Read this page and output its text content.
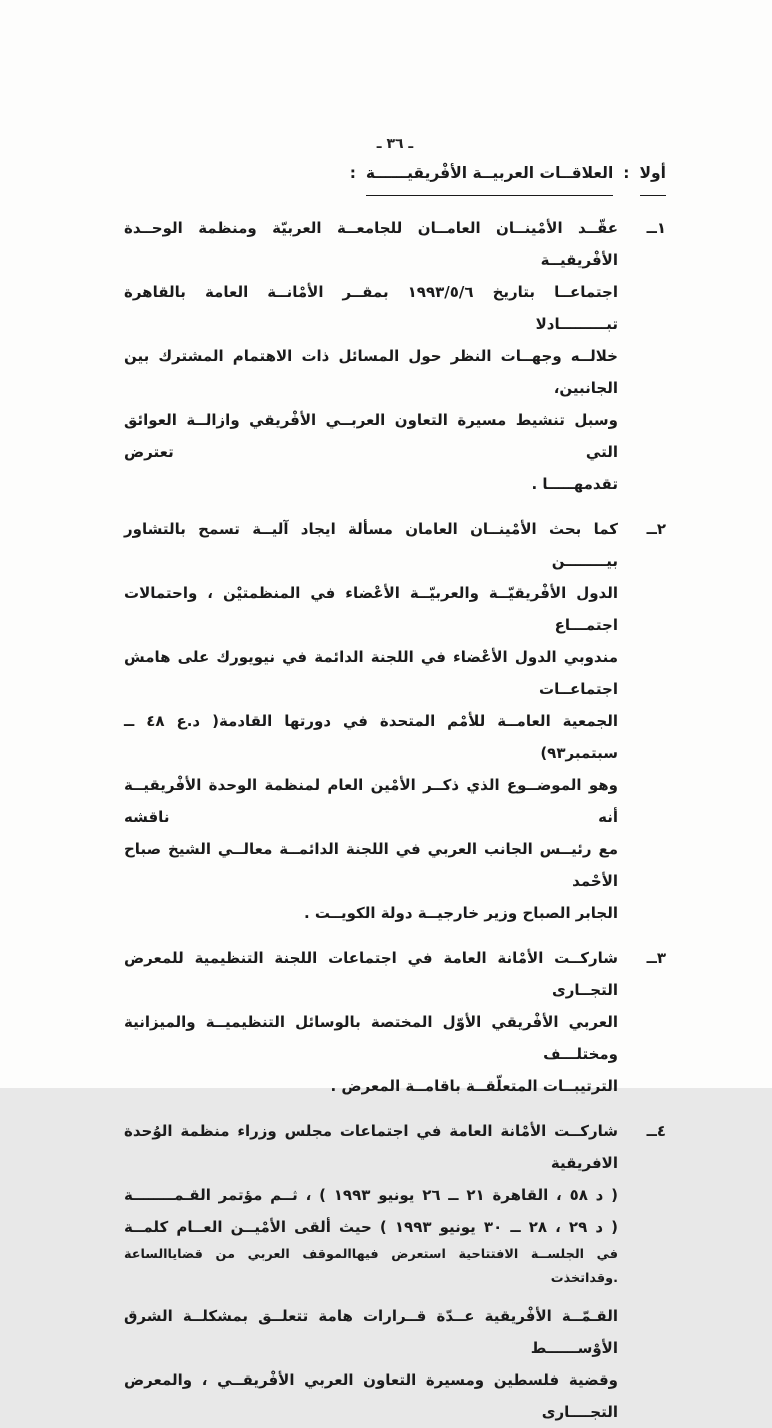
ـ ٣٦ ـ
أولا
:
العلاقــات العربيــة الأفْريقيــــــة
:
١ــ
عقّــد الأمْينــان العامــان للجامعــة العربيّة ومنظمة الوحــدة الأفْريقيــة
اجتماعــا بتاريخ ١٩٩٣/٥/٦ بمقــر الأمْانــة العامة بالقاهرة تبـــــــــادلا
خلالــه وجهــات النظر حول المسائل ذات الاهتمام المشترك بين الجانبين،
وسبل تنشيط مسيرة التعاون العربــي الأفْريقي وازالــة العوائق التي تعترض
تقدمهـــــا .
٢ــ
كما بحث الأمْينــان العامان مسألة ايجاد آليــة تسمح بالتشاور بيــــــــن
الدول الأفْريقيّــة والعربيّــة الأعْضاء في المنظمتيْن ، واحتمالات اجتمـــاع
مندوبي الدول الأعْضاء في اللجنة الدائمة في نيويورك على هامش اجتماعــات
الجمعية العامــة للأمْم المتحدة في دورتها القادمة( د.ع ٤٨ ــ سبتمبر٩٣)
وهو الموضــوع الذي ذكــر الأمْين العام لمنظمة الوحدة الأفْريقيــة أنه ناقشه
مع رئيــس الجانب العربي في اللجنة الدائمــة معالــي الشيخ صباح الأحْمد
الجابر الصباح وزير خارجيــة دولة الكويــت .
٣ــ
شاركــت الأمْانة العامة في اجتماعات اللجنة التنظيمية للمعرض التجــارى
العربي الأفْريقي الأوّل المختصة بالوسائل التنظيميــة والميزانية ومختلـــف
الترتيبــات المتعلّقــة باقامــة المعرض .
٤ــ
شاركــت الأمْانة العامة في اجتماعات مجلس وزراء منظمة الوُحدة الافريقية
( د ٥٨ ، القاهرة ٢١ ــ ٢٦ يونيو ١٩٩٣ ) ، ثــم مؤتمر القـمــــــــة
( د ٢٩ ، ٢٨ ــ ٣٠ يونيو ١٩٩٣ ) حيث ألقى الأمْيــن العــام كلمــة
في الجلســة الافتتاحية استعرض فيهاالموقف العربي من قضاياالساعة .وقداتخذت
القـمّــة الأفْريقية عــدّة قــرارات هامة تتعلــق بمشكلــة الشرق الأوْســــــط
وقضية فلسطين ومسيرة التعاون العربي الأفْريقــي ، والمعرض التجــــارى
